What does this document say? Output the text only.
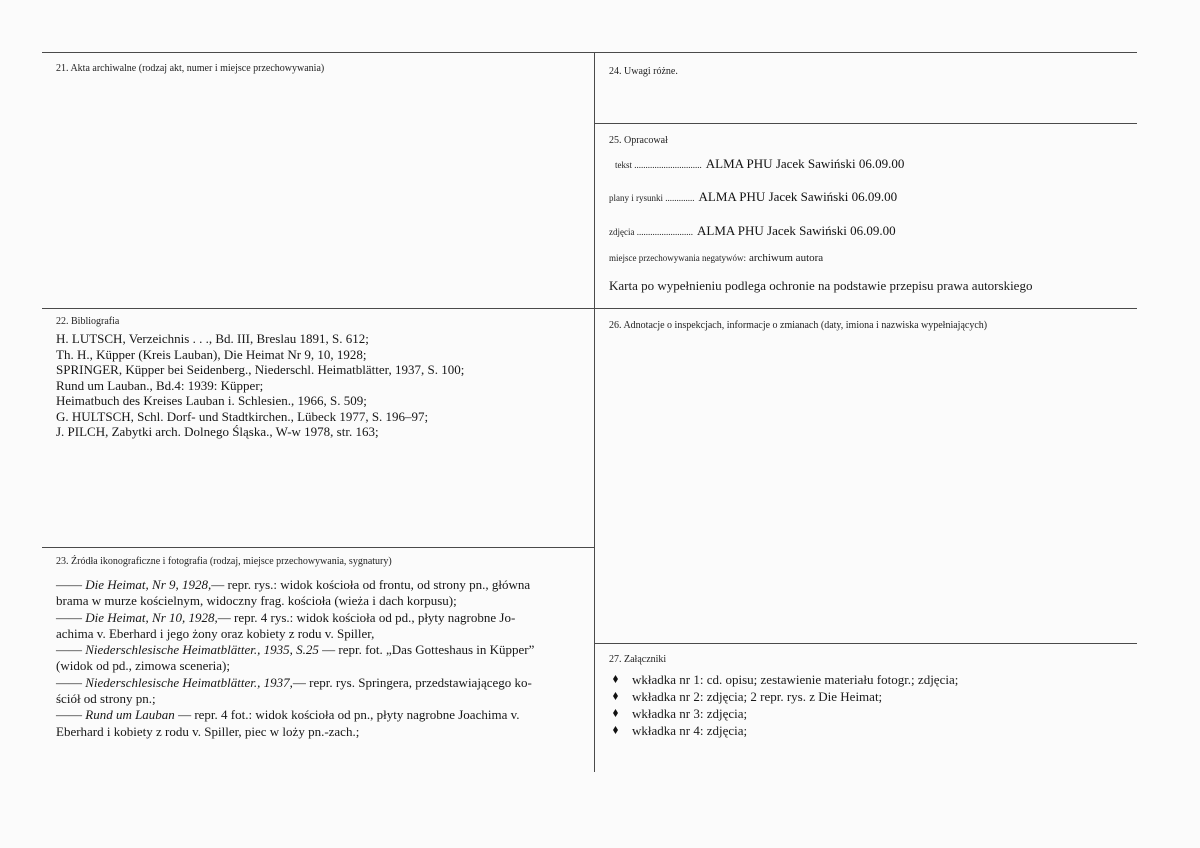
21. Akta archiwalne (rodzaj akt, numer i miejsce przechowywania)
22. Bibliografia
H. LUTSCH, Verzeichnis . . ., Bd. III, Breslau 1891, S. 612;
Th. H., Küpper (Kreis Lauban), Die Heimat Nr 9, 10, 1928;
SPRINGER, Küpper bei Seidenberg., Niederschl. Heimatblätter, 1937, S. 100;
Rund um Lauban., Bd.4: 1939: Küpper;
Heimatbuch des Kreises Lauban i. Schlesien., 1966, S. 509;
G. HULTSCH, Schl. Dorf- und Stadtkirchen., Lübeck 1977, S. 196–97;
J. PILCH, Zabytki arch. Dolnego Śląska., W-w 1978, str. 163;
23. Źródła ikonograficzne i fotografia (rodzaj, miejsce przechowywania, sygnatury)
—— Die Heimat, Nr 9, 1928,— repr. rys.: widok kościoła od frontu, od strony pn., główna
brama w murze kościelnym, widoczny frag. kościoła (wieża i dach korpusu);
—— Die Heimat, Nr 10, 1928,— repr. 4 rys.: widok kościoła od pd., płyty nagrobne Jo-
achima v. Eberhard i jego żony oraz kobiety z rodu v. Spiller,
—— Niederschlesische Heimatblätter., 1935, S.25 — repr. fot. „Das Gotteshaus in Küpper”
(widok od pd., zimowa sceneria);
—— Niederschlesische Heimatblätter., 1937,— repr. rys. Springera, przedstawiającego ko-
ściół od strony pn.;
—— Rund um Lauban — repr. 4 fot.: widok kościoła od pn., płyty nagrobne Joachima v.
Eberhard i kobiety z rodu v. Spiller, piec w loży pn.-zach.;
24. Uwagi różne.
25. Opracował
tekst .............................. ALMA PHU Jacek Sawiński 06.09.00
plany i rysunki ............. ALMA PHU Jacek Sawiński 06.09.00
zdjęcia ......................... ALMA PHU Jacek Sawiński 06.09.00
miejsce przechowywania negatywów: archiwum autora
Karta po wypełnieniu podlega ochronie na podstawie przepisu prawa autorskiego
26. Adnotacje o inspekcjach, informacje o zmianach (daty, imiona i nazwiska wypełniających)
27. Załączniki
wkładka nr 1: cd. opisu; zestawienie materiału fotogr.; zdjęcia;
wkładka nr 2: zdjęcia; 2 repr. rys. z Die Heimat;
wkładka nr 3: zdjęcia;
wkładka nr 4: zdjęcia;
